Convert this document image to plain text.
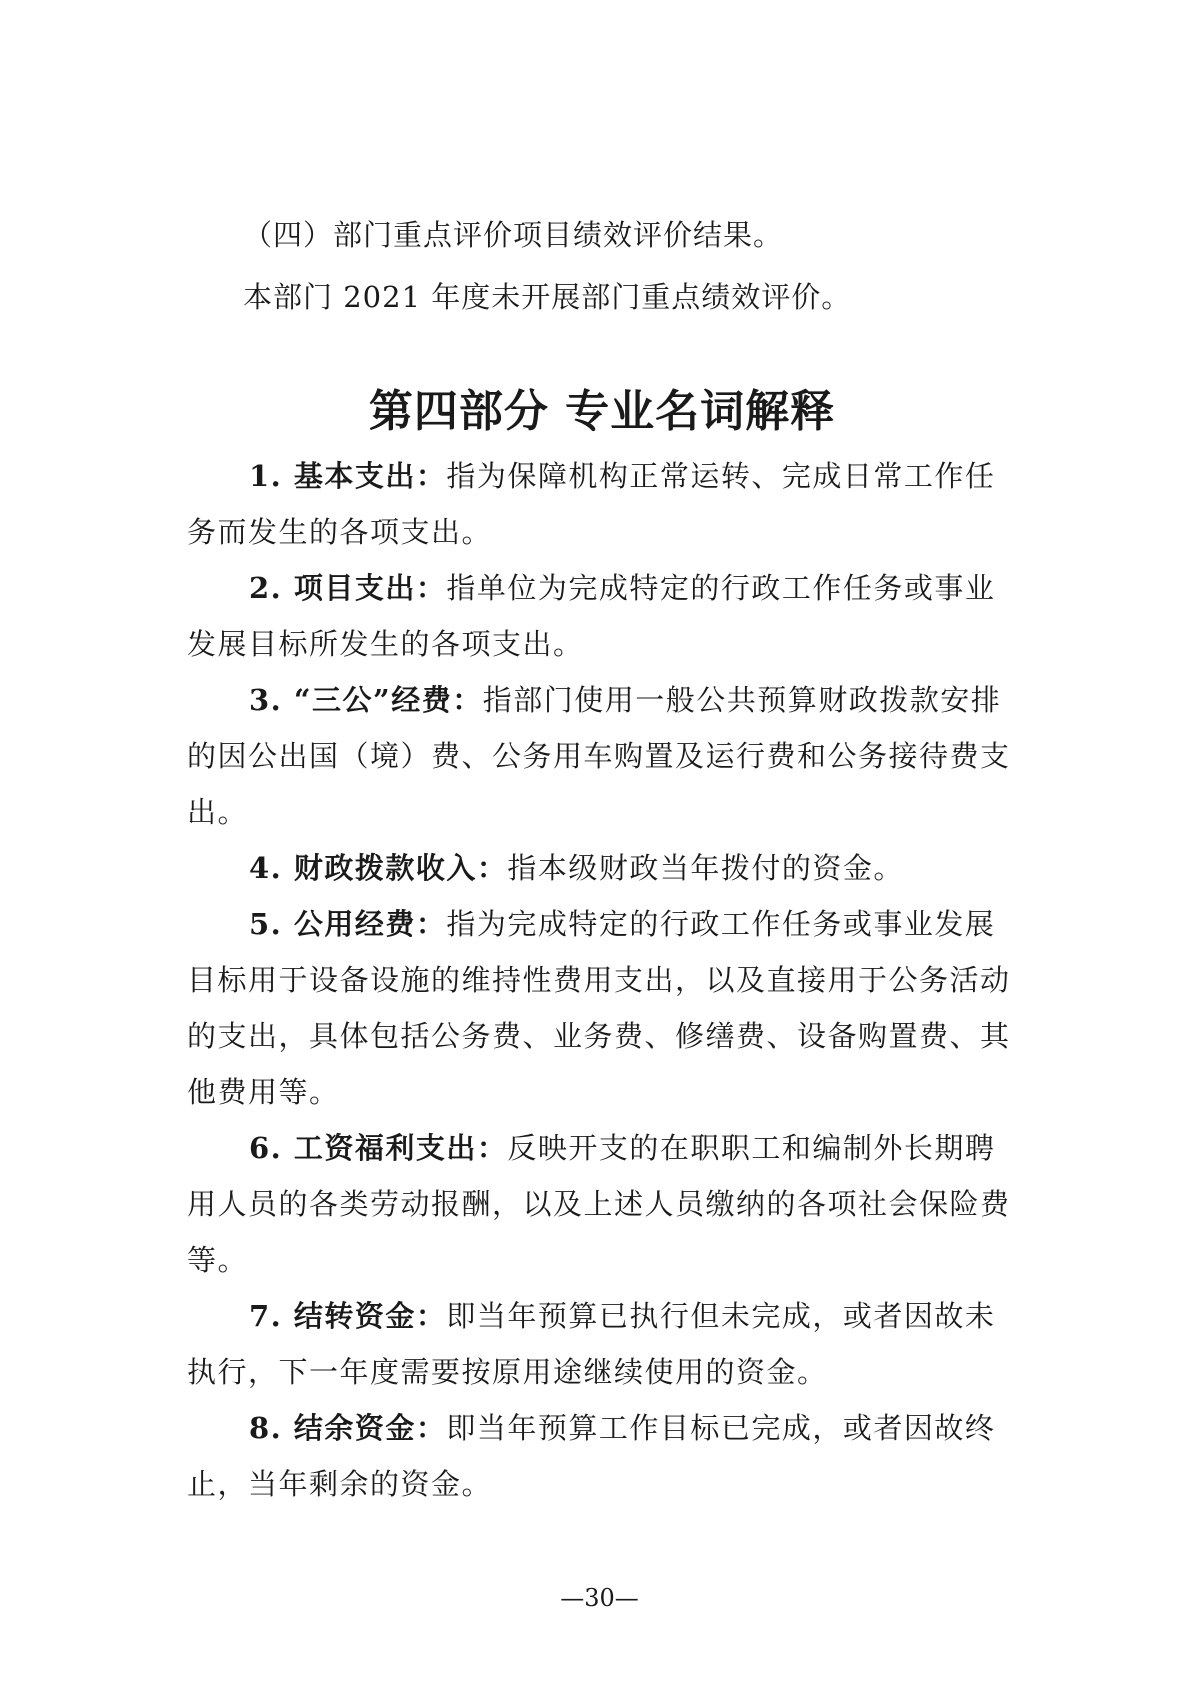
（四）部门重点评价项目绩效评价结果。

本部门 2021 年度未开展部门重点绩效评价。

第四部分 专业名词解释

1. 基本支出：指为保障机构正常运转、完成日常工作任务而发生的各项支出。

2. 项目支出：指单位为完成特定的行政工作任务或事业发展目标所发生的各项支出。

3. “三公”经费：指部门使用一般公共预算财政拨款安排的因公出国（境）费、公务用车购置及运行费和公务接待费支出。

4. 财政拨款收入：指本级财政当年拨付的资金。

5. 公用经费：指为完成特定的行政工作任务或事业发展目标用于设备设施的维持性费用支出，以及直接用于公务活动的支出，具体包括公务费、业务费、修缮费、设备购置费、其他费用等。

6. 工资福利支出：反映开支的在职职工和编制外长期聘用人员的各类劳动报酬，以及上述人员缴纳的各项社会保险费等。

7. 结转资金：即当年预算已执行但未完成，或者因故未执行，下一年度需要按原用途继续使用的资金。

8. 结余资金：即当年预算工作目标已完成，或者因故终止，当年剩余的资金。

—30—
